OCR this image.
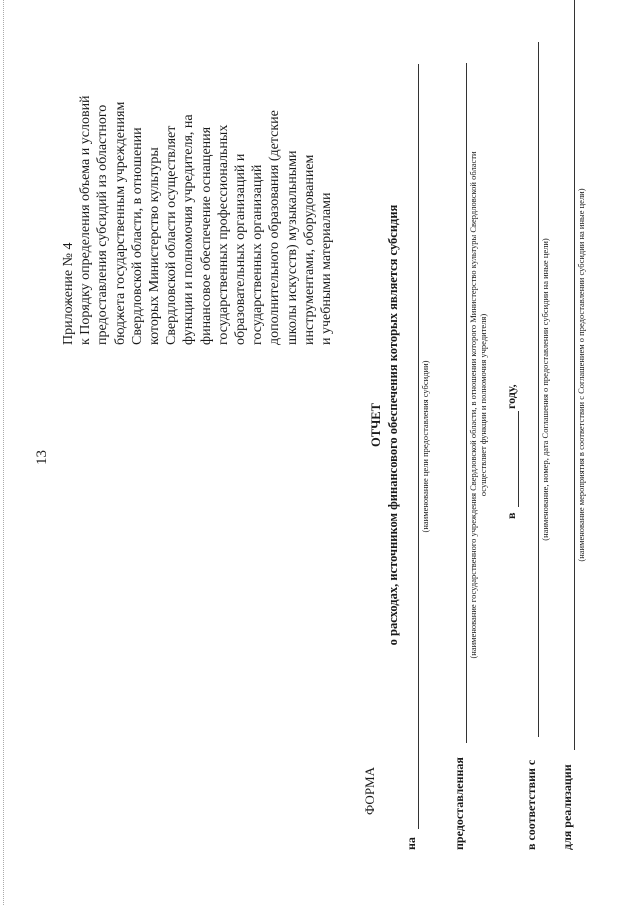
13
Приложение № 4 к Порядку определения объема и условий предоставления субсидий из областного бюджета государственным учреждениям Свердловской области, в отношении которых Министерство культуры Свердловской области осуществляет функции и полномочия учредителя, на финансовое обеспечение оснащения государственных профессиональных образовательных организаций и государственных организаций дополнительного образования (детские школы искусств) музыкальными инструментами, оборудованием и учебными материалами
ФОРМА
ОТЧЕТ о расходах, источником финансового обеспечения которых является субсидия
на
(наименование цели предоставления субсидии)
предоставленная
(наименование государственного учреждения Свердловской области, в отношении которого Министерство культуры Свердловской области осуществляет функции и полномочия учредителя)
в
году,
в соответствии с
(наименование, номер, дата Соглашения о предоставлении субсидии на иные цели)
для реализации
(наименование мероприятия в соответствии с Соглашением о предоставлении субсидии на иные цели)
